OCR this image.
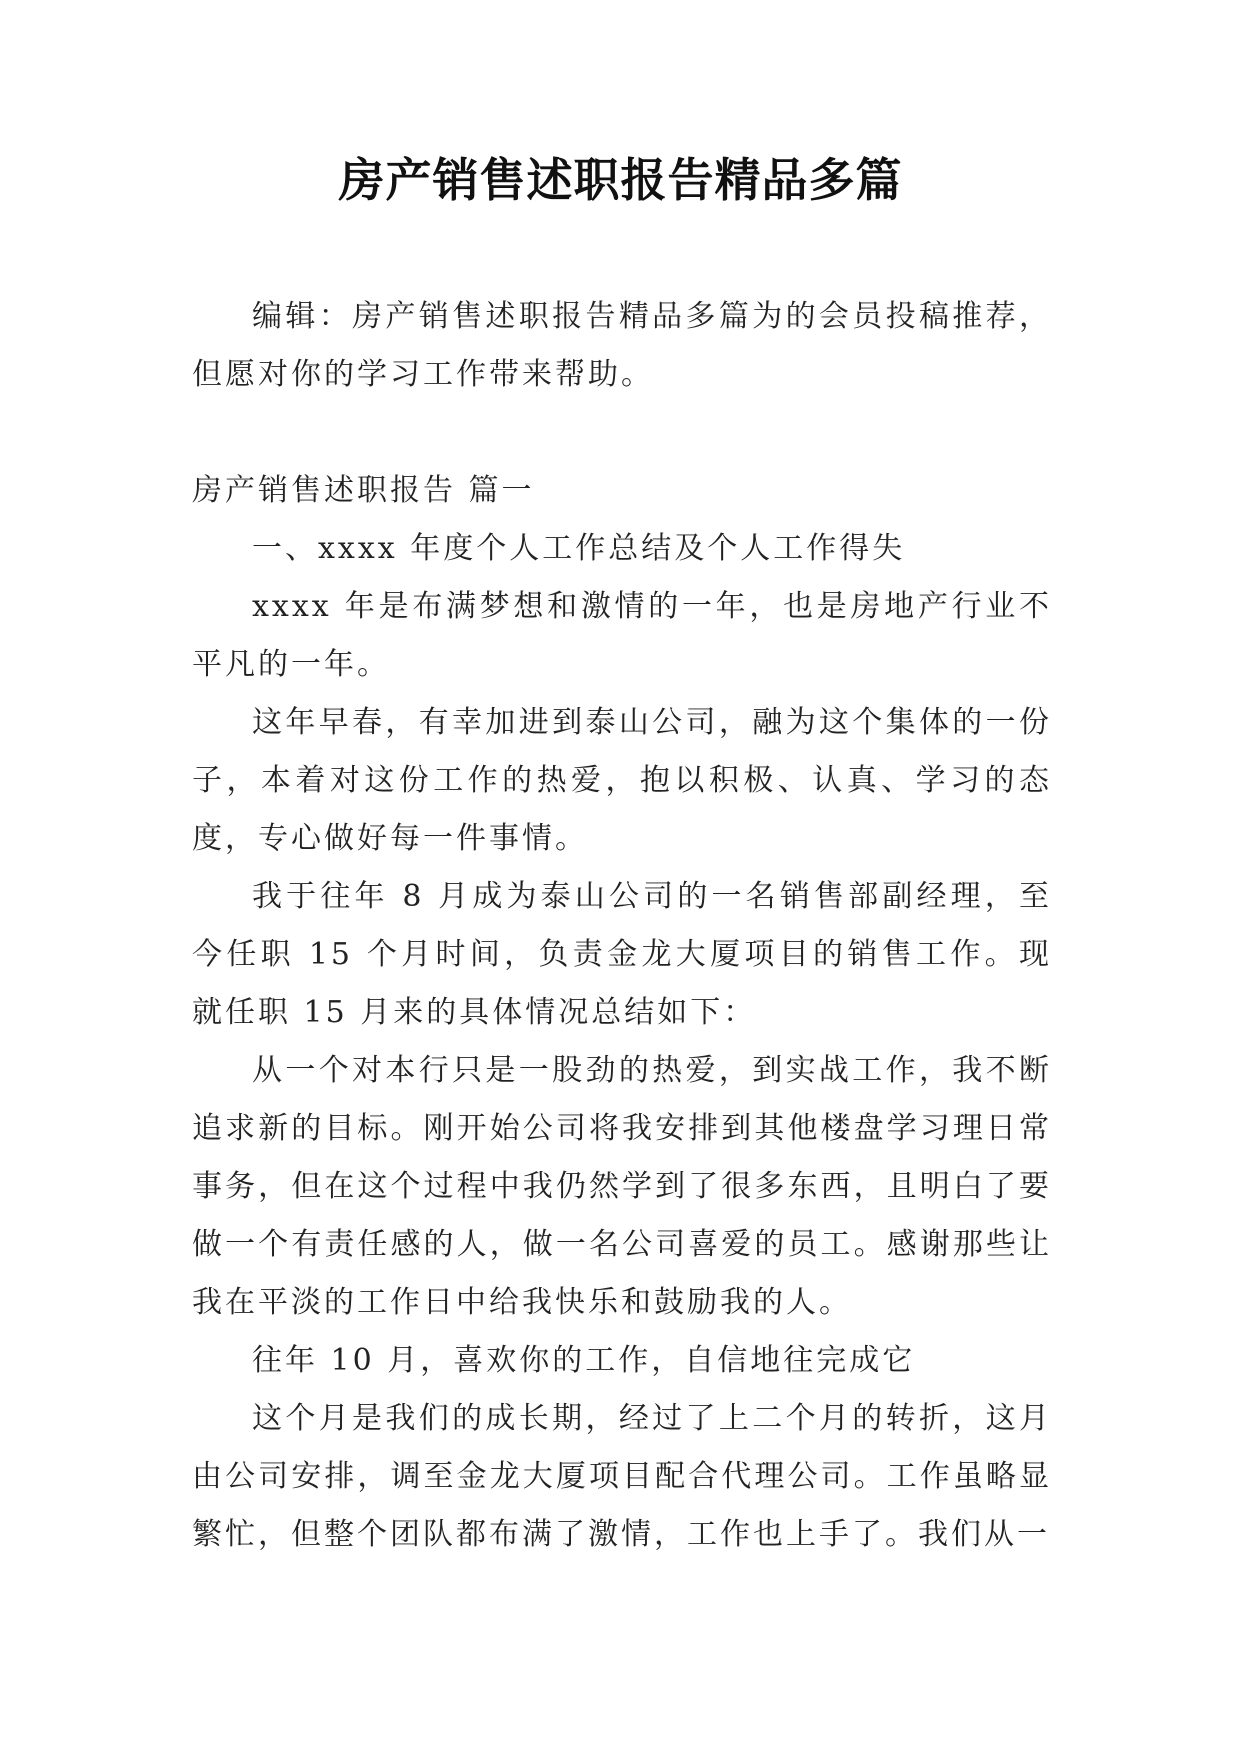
房产销售述职报告精品多篇

编辑：房产销售述职报告精品多篇为的会员投稿推荐，但愿对你的学习工作带来帮助。

房产销售述职报告 篇一

一、xxxx 年度个人工作总结及个人工作得失

xxxx 年是布满梦想和激情的一年，也是房地产行业不平凡的一年。

这年早春，有幸加进到泰山公司，融为这个集体的一份子，本着对这份工作的热爱，抱以积极、认真、学习的态度，专心做好每一件事情。

我于往年 8 月成为泰山公司的一名销售部副经理，至今任职 15 个月时间，负责金龙大厦项目的销售工作。现就任职 15 月来的具体情况总结如下：

从一个对本行只是一股劲的热爱，到实战工作，我不断追求新的目标。刚开始公司将我安排到其他楼盘学习理日常事务，但在这个过程中我仍然学到了很多东西，且明白了要做一个有责任感的人，做一名公司喜爱的员工。感谢那些让我在平淡的工作日中给我快乐和鼓励我的人。

往年 10 月，喜欢你的工作，自信地往完成它

这个月是我们的成长期，经过了上二个月的转折，这月由公司安排，调至金龙大厦项目配合代理公司。工作虽略显繁忙，但整个团队都布满了激情，工作也上手了。我们从一
